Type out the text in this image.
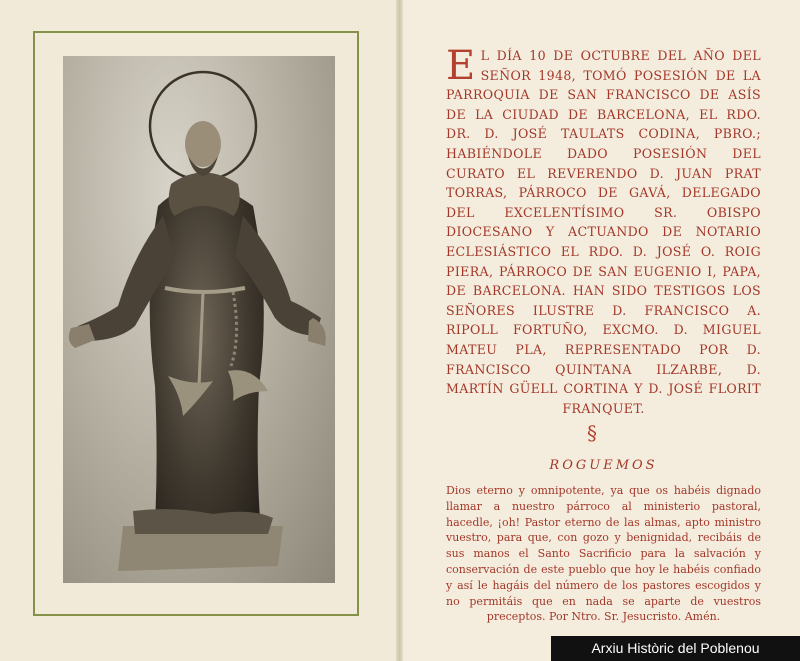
E L DÍA 10 DE OCTUBRE DEL AÑO DEL SEÑOR 1948, TOMÓ POSESIÓN DE LA PARROQUIA DE SAN FRANCISCO DE ASÍS DE LA CIUDAD DE BARCELONA, EL RDO. DR. D. JOSÉ TAULATS CODINA, PBRO.; HABIÉNDOLE DADO POSESIÓN DEL CURATO EL REVERENDO D. JUAN PRAT TORRAS, PÁRROCO DE GAVÁ, DELEGADO DEL EXCELENTÍSIMO SR. OBISPO DIOCESANO Y ACTUANDO DE NOTARIO ECLESIÁSTICO EL RDO. D. JOSÉ O. ROIG PIERA, PÁRROCO DE SAN EUGENIO I, PAPA, DE BARCELONA. HAN SIDO TESTIGOS LOS SEÑORES ILUSTRE D. FRANCISCO A. RIPOLL FORTUÑO, EXCMO. D. MIGUEL MATEU PLA, REPRESENTADO POR D. FRANCISCO QUINTANA ILZARBE, D. MARTÍN GÜELL CORTINA Y D. JOSÉ FLORIT FRANQUET.

§
ROGUEMOS

Dios eterno y omnipotente, ya que os habéis dignado llamar a nuestro párroco al ministerio pastoral, hacedle, ¡oh! Pastor eterno de las almas, apto ministro vuestro, para que, con gozo y benignidad, recibáis de sus manos el Santo Sacrificio para la salvación y conservación de este pueblo que hoy le habéis confiado y así le hagáis del número de los pastores escogidos y no permitáis que en nada se aparte de vuestros preceptos. Por Ntro. Sr. Jesucristo. Amén.

Arxiu Històric del Poblenou
